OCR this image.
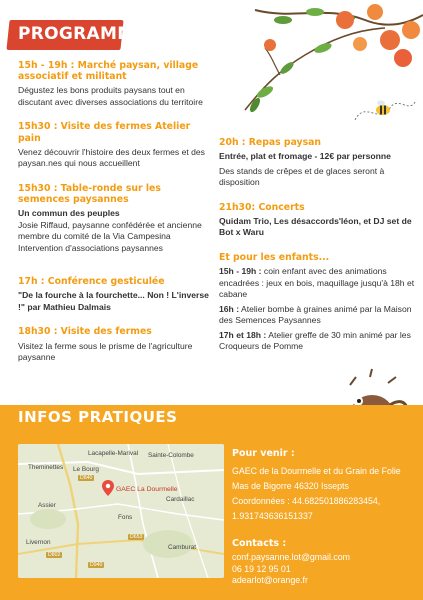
PROGRAMME
15h - 19h : Marché paysan, village associatif et militant
Dégustez les bons produits paysans tout en discutant avec diverses associations du territoire
15h30 : Visite des fermes Atelier pain
Venez découvrir l'histoire des deux fermes et des paysan.nes qui nous accueillent
15h30 : Table-ronde sur les semences paysannes
Un commun des peuples
Josie Riffaud, paysanne confédérée et ancienne membre du comité de la Via Campesina Intervention d'associations paysannes
17h : Conférence gesticulée
"De la fourche à la fourchette... Non ! L'inverse !" par Mathieu Dalmais
18h30 : Visite des fermes
Visitez la ferme sous le prisme de l'agriculture paysanne
20h : Repas paysan
Entrée, plat et fromage - 12€ par personne
Des stands de crêpes et de glaces seront à disposition
21h30: Concerts
Quidam Trio, Les désaccords'léon, et DJ set de Bot x Waru
Et pour les enfants...
15h - 19h : coin enfant avec des animations encadrées : jeux en bois, maquillage jusqu'à 18h et cabane
16h : Atelier bombe à graines animé par la Maison des Semences Paysannes
17h et 18h : Atelier greffe de 30 min animé par les Croqueurs de Pomme
INFOS PRATIQUES
Lacapelle-Marival Sainte-Colombe
Theminettes Le Bourg
Cardaillac
Assier
Fons
Livernon
Camburat
D840
D653
D802
D940
GAEC La Dourmelle
Pour venir :
GAEC de la Dourmelle et du Grain de Folie
Mas de Bigorre 46320 Issepts
Coordonnées : 44.682501886283454,
1.931743636151337
Contacts :
conf.paysanne.lot@gmail.com
06 19 12 95 01
adearlot@orange.fr
